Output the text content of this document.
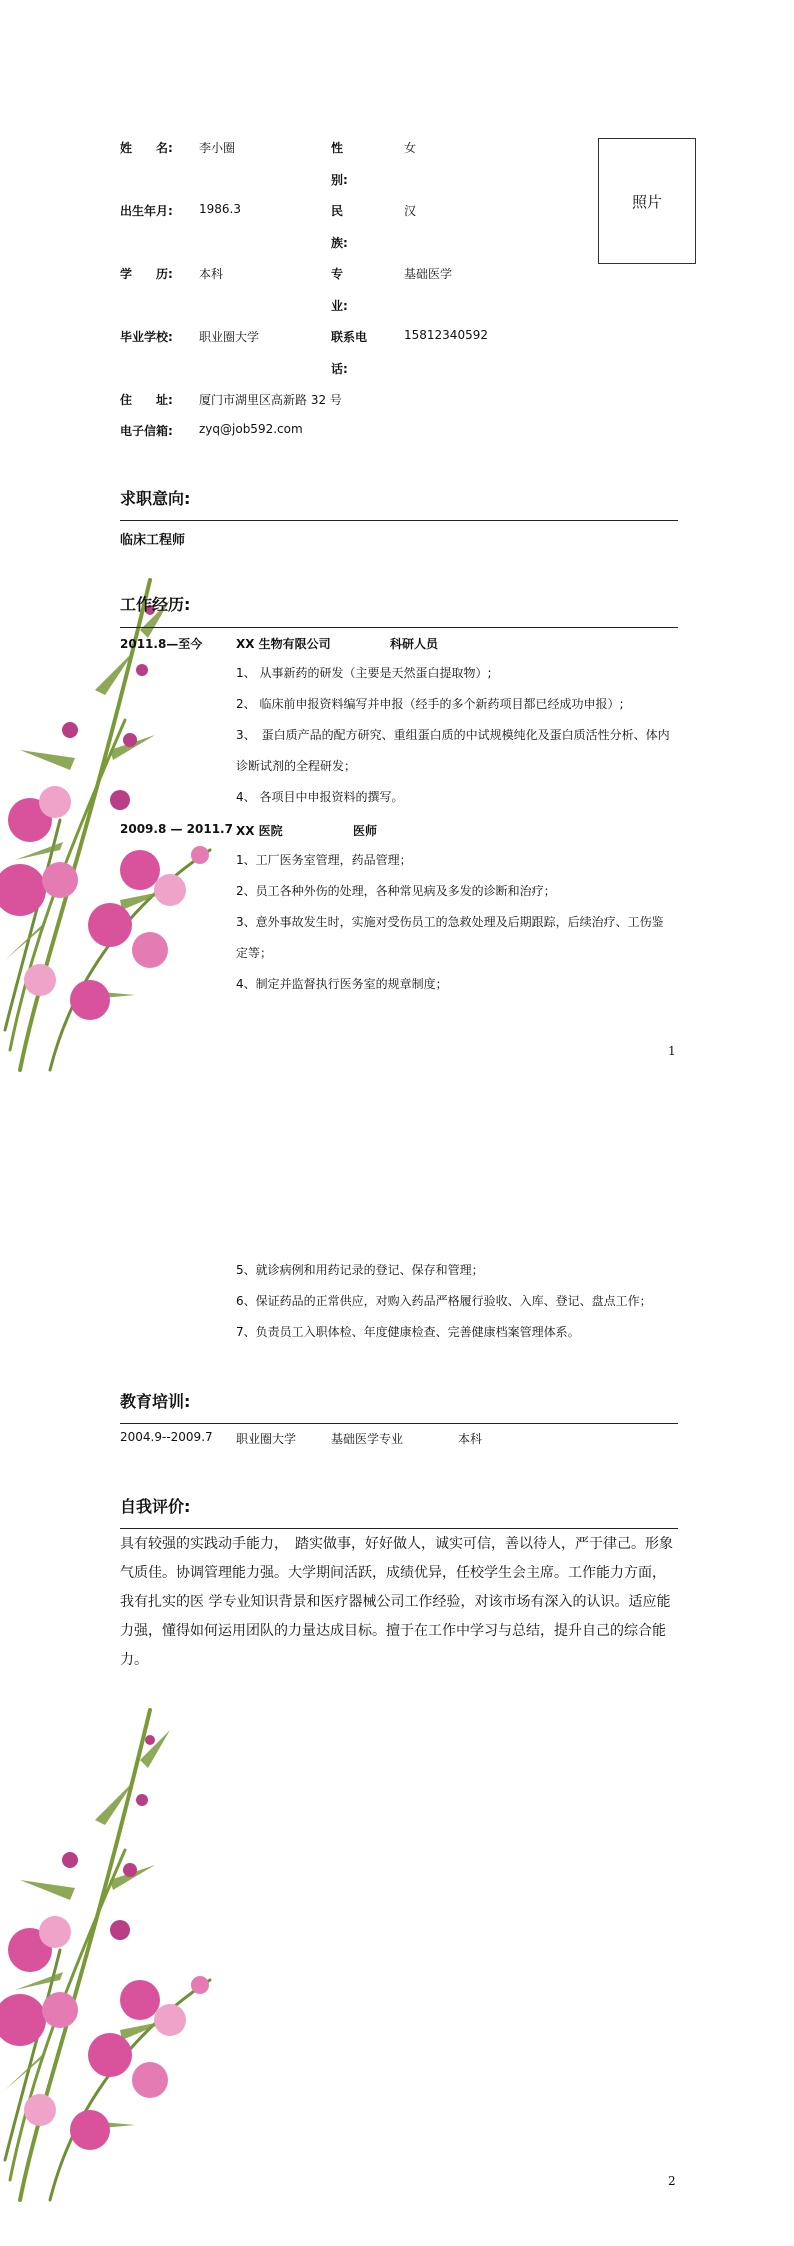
姓　　名: 李小圈	性
别:
女
出生年月: 1986.3	民
族:
汉
学　　历: 本科	专
业:
基础医学
毕业学校: 职业圈大学	联系电
话:
15812340592
住　　址: 厦门市湖里区高新路 32 号
电子信箱: zyq@job592.com
照片
求职意向:
临床工程师
工作经历:
2011.8—至今	XX 生物有限公司	科研人员
1、 从事新药的研发（主要是天然蛋白提取物）;
2、 临床前申报资料编写并申报（经手的多个新药项目都已经成功申报）;
3、　蛋白质产品的配方研究、重组蛋白质的中试规模纯化及蛋白质活性分析、体内
诊断试剂的全程研发；
4、 各项目中申报资料的撰写。
2009.8 — 2011.7 XX 医院	医师
1、工厂医务室管理，药品管理；
2、员工各种外伤的处理，各种常见病及多发的诊断和治疗；
3、意外事故发生时，实施对受伤员工的急救处理及后期跟踪，后续治疗、工伤鉴
定等；
4、制定并监督执行医务室的规章制度；
1
5、就诊病例和用药记录的登记、保存和管理；
6、保证药品的正常供应，对购入药品严格履行验收、入库、登记、盘点工作；
7、负责员工入职体检、年度健康检查、完善健康档案管理体系。
教育培训:
2004.9--2009.7 职业圈大学	基础医学专业	本科
自我评价:
具有较强的实践动手能力，　踏实做事，好好做人，诚实可信，善以待人，严于律己。形象
气质佳。协调管理能力强。大学期间活跃，成绩优异，任校学生会主席。工作能力方面，
我有扎实的医 学专业知识背景和医疗器械公司工作经验，对该市场有深入的认识。适应能
力强，懂得如何运用团队的力量达成目标。擅于在工作中学习与总结，提升自己的综合能
力。
2
